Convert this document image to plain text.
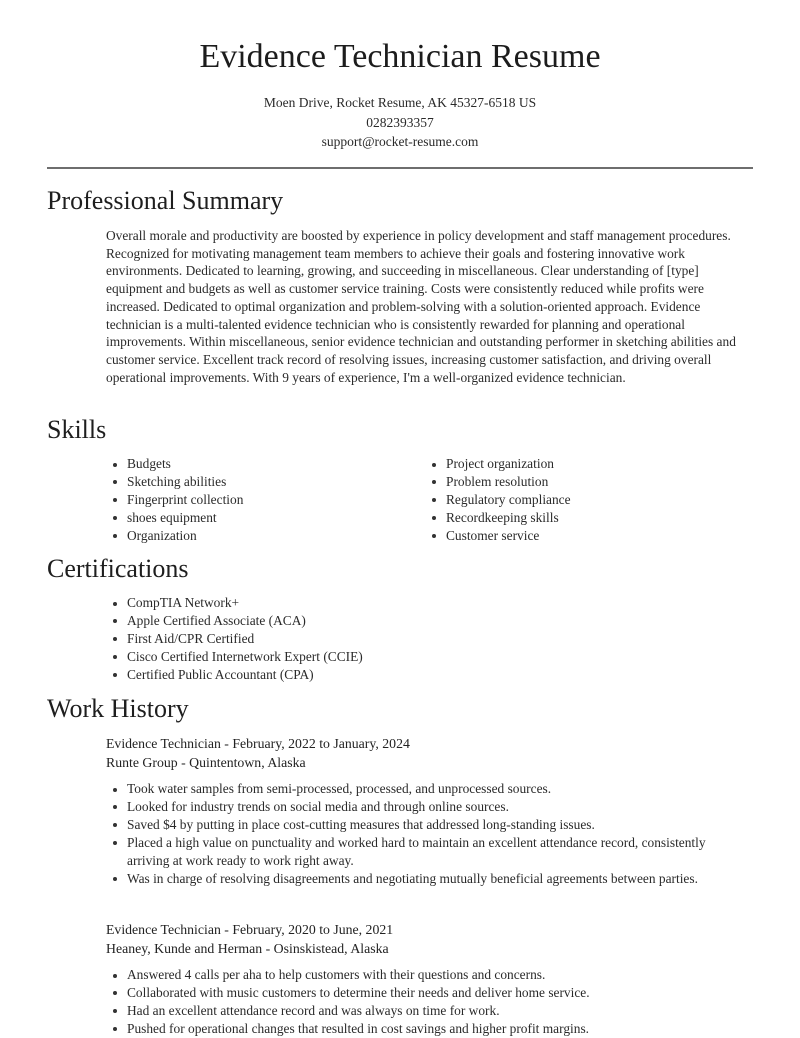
Evidence Technician Resume
Moen Drive, Rocket Resume, AK 45327-6518 US
0282393357
support@rocket-resume.com
Professional Summary

Overall morale and productivity are boosted by experience in policy development and staff management procedures. Recognized for motivating management team members to achieve their goals and fostering innovative work environments. Dedicated to learning, growing, and succeeding in miscellaneous. Clear understanding of [type] equipment and budgets as well as customer service training. Costs were consistently reduced while profits were increased. Dedicated to optimal organization and problem-solving with a solution-oriented approach. Evidence technician is a multi-talented evidence technician who is consistently rewarded for planning and operational improvements. Within miscellaneous, senior evidence technician and outstanding performer in sketching abilities and customer service. Excellent track record of resolving issues, increasing customer satisfaction, and driving overall operational improvements. With 9 years of experience, I'm a well-organized evidence technician.

Skills
Budgets
Sketching abilities
Fingerprint collection
shoes equipment
Organization
Project organization
Problem resolution
Regulatory compliance
Recordkeeping skills
Customer service
Certifications
CompTIA Network+
Apple Certified Associate (ACA)
First Aid/CPR Certified
Cisco Certified Internetwork Expert (CCIE)
Certified Public Accountant (CPA)
Work History
Evidence Technician - February, 2022 to January, 2024
Runte Group - Quintentown, Alaska
Took water samples from semi-processed, processed, and unprocessed sources.
Looked for industry trends on social media and through online sources.
Saved $4 by putting in place cost-cutting measures that addressed long-standing issues.
Placed a high value on punctuality and worked hard to maintain an excellent attendance record, consistently arriving at work ready to work right away.
Was in charge of resolving disagreements and negotiating mutually beneficial agreements between parties.
Evidence Technician - February, 2020 to June, 2021
Heaney, Kunde and Herman - Osinskistead, Alaska
Answered 4 calls per aha to help customers with their questions and concerns.
Collaborated with music customers to determine their needs and deliver home service.
Had an excellent attendance record and was always on time for work.
Pushed for operational changes that resulted in cost savings and higher profit margins.
